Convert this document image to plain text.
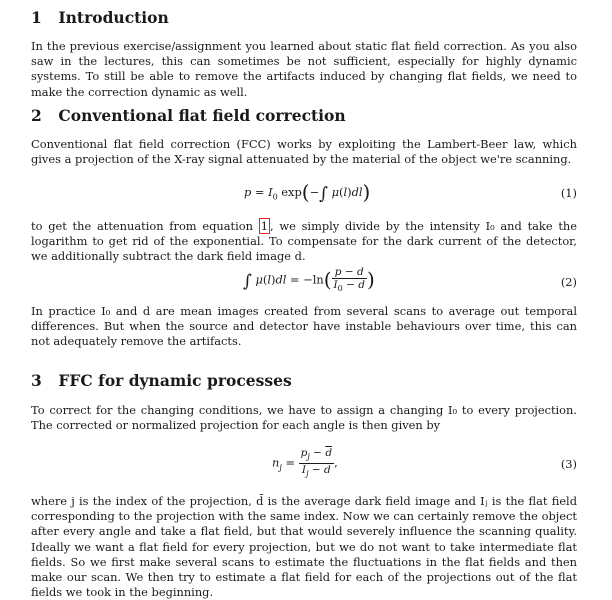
1 Introduction

In the previous exercise/assignment you learned about static flat field correction. As you also saw in the lectures, this can sometimes be not sufficient, especially for highly dynamic systems. To still be able to remove the artifacts induced by changing flat fields, we need to make the correction dynamic as well.

2 Conventional flat field correction

Conventional flat field correction (FCC) works by exploiting the Lambert-Beer law, which gives a projection of the X-ray signal attenuated by the material of the object we're scanning.

$p = I_0$ exp(−∫ μ(l)dl)	(1)

to get the attenuation from equation 1 , we simply divide by the intensity I₀ and take the logarithm to get rid of the exponential. To compensate for the dark current of the detector, we additionally subtract the dark field image d.

∫ $\mu(l)dl = -\ln( \frac{p - d}{I_0 - d}$ )	(2)

In practice I₀ and d are mean images created from several scans to average out temporal differences. But when the source and detector have instable behaviours over time, this can not adequately remove the artifacts.

3 FFC for dynamic processes

To correct for the changing conditions, we have to assign a changing I₀ to every projection. The corrected or normalized projection for each angle is then given by

$n_j = \frac{p_j - \overline{d}}{I_j - \overline{d}}$ ,	(3)

where j is the index of the projection, d̄ is the average dark field image and Iⱼ is the flat field corresponding to the projection with the same index. Now we can certainly remove the object after every angle and take a flat field, but that would severely influence the scanning quality. Ideally we want a flat field for every projection, but we do not want to take intermediate flat fields. So we first make several scans to estimate the fluctuations in the flat fields and then make our scan. We then try to estimate a flat field for each of the projections out of the flat fields we took in the beginning.
